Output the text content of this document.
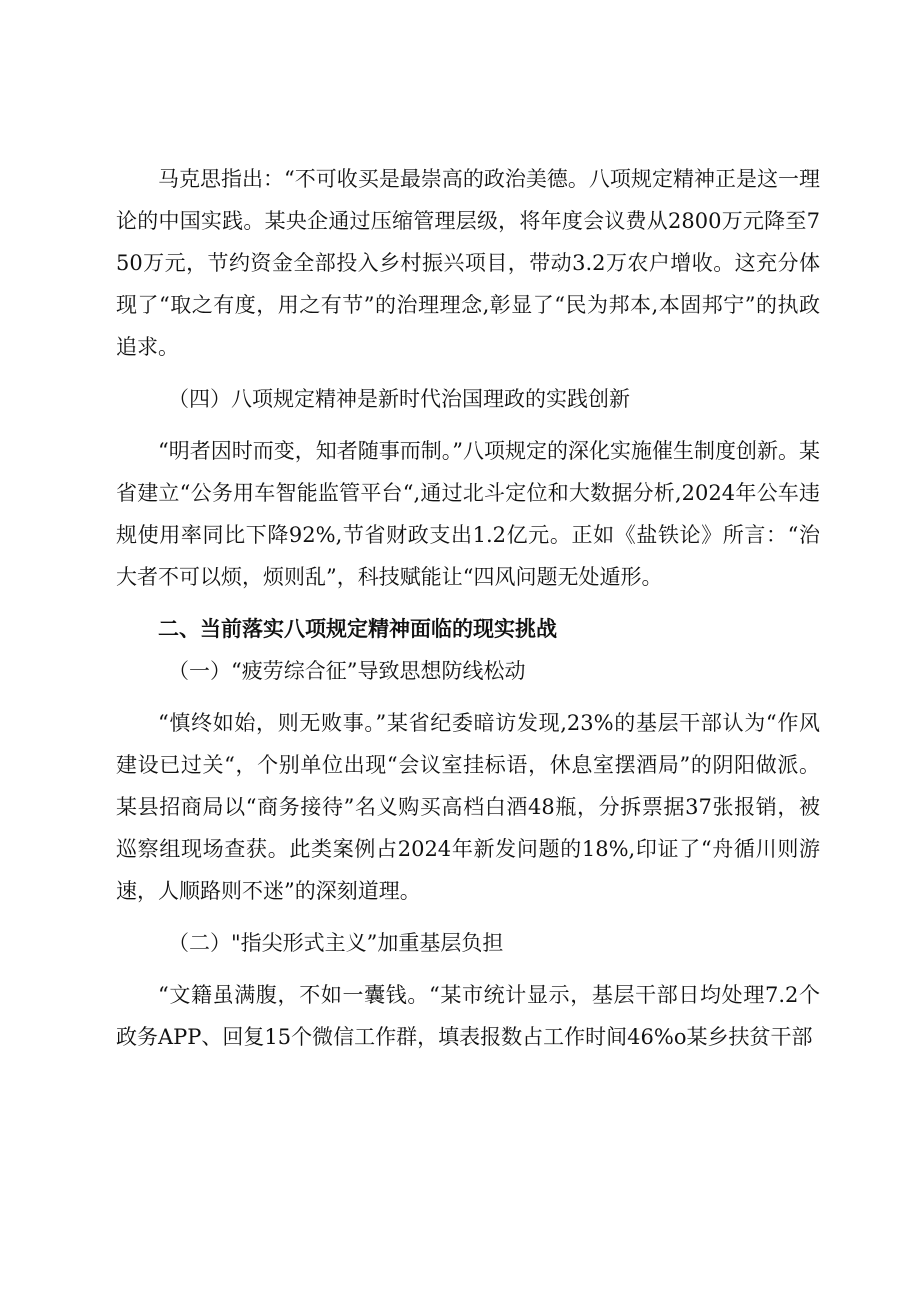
马克思指出：“不可收买是最崇高的政治美德。八项规定精神正是这一理论的中国实践。某央企通过压缩管理层级，将年度会议费从2800万元降至750万元，节约资金全部投入乡村振兴项目，带动3.2万农户增收。这充分体现了“取之有度，用之有节”的治理理念,彰显了“民为邦本,本固邦宁”的执政追求。

（四）八项规定精神是新时代治国理政的实践创新

“明者因时而变，知者随事而制。”八项规定的深化实施催生制度创新。某省建立“公务用车智能监管平台“,通过北斗定位和大数据分析,2024年公车违规使用率同比下降92%,节省财政支出1.2亿元。正如《盐铁论》所言：“治大者不可以烦，烦则乱”，科技赋能让“四风问题无处遁形。

二、当前落实八项规定精神面临的现实挑战

（一）“疲劳综合征”导致思想防线松动

“慎终如始，则无败事。”某省纪委暗访发现,23%的基层干部认为“作风建设已过关“，个别单位出现“会议室挂标语，休息室摆酒局”的阴阳做派。某县招商局以“商务接待”名义购买高档白酒48瓶，分拆票据37张报销，被巡察组现场查获。此类案例占2024年新发问题的18%,印证了“舟循川则游速，人顺路则不迷”的深刻道理。

（二）"指尖形式主义”加重基层负担

“文籍虽满腹，不如一囊钱。“某市统计显示，基层干部日均处理7.2个政务APP、回复15个微信工作群，填表报数占工作时间46%o某乡扶贫干部
